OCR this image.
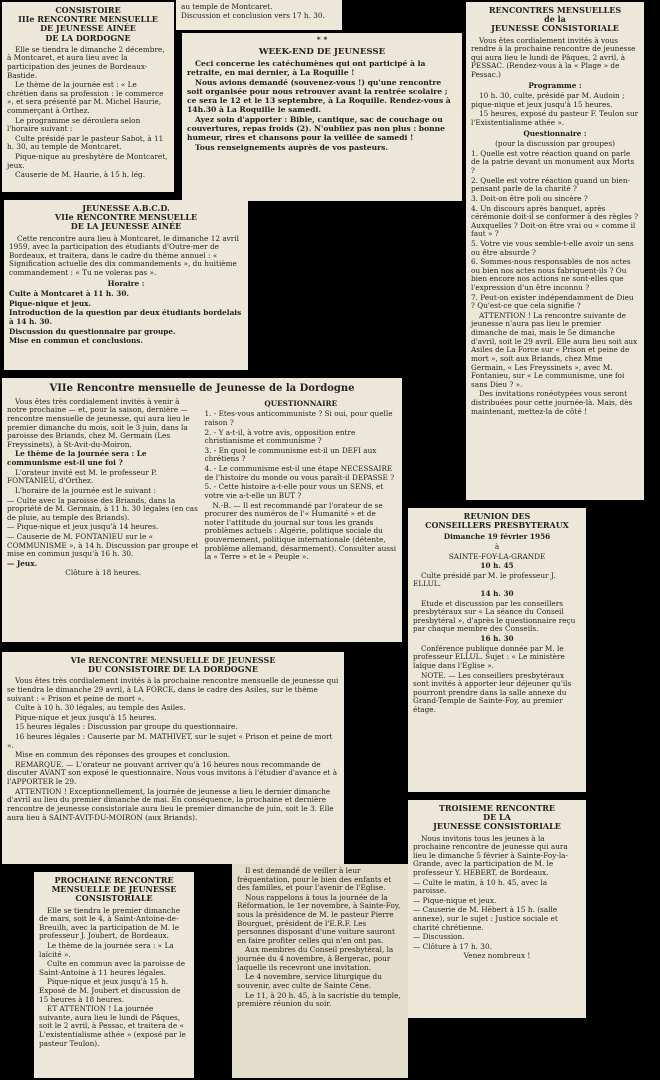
CONSISTOIRE
IIIe RENCONTRE MENSUELLE
DE JEUNESSE AINÉE
DE LA DORDOGNE

Elle se tiendra le dimanche 2 décembre, à Montcaret, et aura lieu avec la participation des jeunes de Bordeaux-Bastide.

Le thème de la journée est : « Le chrétien dans sa profession : le commerce », et sera présenté par M. Michel Haurie, commerçant à Orthez.

Le programme se déroulera selon l'horaire suivant :

Culte présidé par le pasteur Sabot, à 11 h. 30, au temple de Montcaret.

Pique-nique au presbytère de Montcaret, jeux.

Causerie de M. Haurie, à 15 h. lég.

au temple de Montcaret.
Discussion et conclusion vers 17 h. 30.

* *
WEEK-END DE JEUNESSE

Ceci concerne les catéchumènes qui ont participé à la retraite, en mai dernier, à La Roquille !

Nous avions demandé (souvenez-vous !) qu'une rencontre soit organisée pour nous retrouver avant la rentrée scolaire ; ce sera le 12 et le 13 septembre, à La Roquille. Rendez-vous à 14h.30 à La Roquille le samedi.

Ayez soin d'apporter : Bible, cantique, sac de couchage ou couvertures, repas froids (2). N'oubliez pas non plus : bonne humeur, rires et chansons pour la veillée de samedi !

Tous renseignements auprès de vos pasteurs.

RENCONTRES MENSUELLES
de la
JEUNESSE CONSISTORIALE

Vous êtes cordialement invités à vous rendre à la prochaine rencontre de jeunesse qui aura lieu le lundi de Pâques, 2 avril, à PESSAC. (Rendez-vous à la « Plage » de Pessac.)

Programme :

10 h. 30, culte, présidé par M. Audoin ; pique-nique et jeux jusqu'à 15 heures.

15 heures, exposé du pasteur F. Teulon sur l'Existentialisme athée ».

Questionnaire :

(pour la discussion par groupes)

1. Quelle est votre réaction quand on parle de la patrie devant un monument aux Morts ?

2. Quelle est votre réaction quand un bien-pensant parle de la charité ?

3. Doit-on être poli ou sincère ?

4. Un discours après banquet, après cérémonie doit-il se conformer à des règles ? Auxquelles ? Doit-on être vrai ou « comme il faut » ?

5. Votre vie vous semble-t-elle avoir un sens ou être absurde ?

6. Sommes-nous responsables de nos actes ou bien nos actes nous fabriquent-ils ? Ou bien encore nos actions ne sont-elles que l'expression d'un être inconnu ?

7. Peut-on exister indépendamment de Dieu ? Qu'est-ce que cela signifie ?

ATTENTION ! La rencontre suivante de jeunesse n'aura pas lieu le premier dimanche de mai, mais le 5e dimanche d'avril, soit le 29 avril. Elle aura lieu soit aux Asiles de La Force sur « Prison et peine de mort », soit aux Briands, chez Mme Germain, « Les Freyssinets », avec M. Fontanieu, sur « Le communisme, une foi sans Dieu ? ».

Des invitations ronéotypées vous seront distribuées pour cette journée-là. Mais, dès maintenant, mettez-la de côté !

JEUNESSE A.B.C.D.
VIIe RENCONTRE MENSUELLE
DE LA JEUNESSE AINÉE

Cette rencontre aura lieu à Montcaret, le dimanche 12 avril 1959, avec la participation des étudiants d'Outre-mer de Bordeaux, et traitera, dans le cadre du thème annuel : « Signification actuelle des dix commandements », du huitième commandement : « Tu ne voleras pas ».

Horaire :

Culte à Montcaret à 11 h. 30.

Pique-nique et jeux.

Introduction de la question par deux étudiants bordelais à 14 h. 30.

Discussion du questionnaire par groupe.

Mise en commun et conclusions.

VIIe Rencontre mensuelle de Jeunesse de la Dordogne

Vous êtes très cordialement invités à venir à notre prochaine — et, pour la saison, dernière — rencontre mensuelle de jeunesse, qui aura lieu le premier dimanche du mois, soit le 3 juin, dans la paroisse des Briands, chez M. Germain (Les Freyssinets), à St-Avit-du-Moiron.

Le thème de la journée sera : Le communisme est-il une foi ?

L'orateur invité est M. le professeur P. FONTANIEU, d'Orthez.

L'horaire de la journée est le suivant :

— Culte avec la paroisse des Briands, dans la propriété de M. Germain, à 11 h. 30 légales (en cas de pluie, au temple des Briands).

— Pique-nique et jeux jusqu'à 14 heures.

— Causerie de M. FONTANIEU sur le « COMMUNISME », à 14 h. Discussion par groupe et mise en commun jusqu'à 16 h. 30.

— Jeux.

Clôture à 18 heures.

QUESTIONNAIRE

1. - Etes-vous anticommuniste ? Si oui, pour quelle raison ?

2. - Y a-t-il, à votre avis, opposition entre christianisme et communisme ?

3. - En quoi le communisme est-il un DEFI aux chrétiens ?

4. - Le communisme est-il une étape NECESSAIRE de l'histoire du monde ou vous paraît-il DEPASSE ?

5. - Cette histoire a-t-elle pour vous un SENS, et votre vie a-t-elle un BUT ?

N.-B. — Il est recommandé par l'orateur de se procurer des numéros de l'« Humanité » et de noter l'attitude du journal sur tous les grands problèmes actuels : Algérie, politique sociale du gouvernement, politique internationale (détente, problème allemand, désarmement). Consulter aussi la « Terre » et le « Peuple ».

VIe RENCONTRE MENSUELLE DE JEUNESSE
DU CONSISTOIRE DE LA DORDOGNE

Vous êtes très cordialement invités à la prochaine rencontre mensuelle de jeunesse qui se tiendra le dimanche 29 avril, à LA FORCE, dans le cadre des Asiles, sur le thème suivant : « Prison et peine de mort ».

Culte à 10 h. 30 légales, au temple des Asiles.

Pique-nique et jeux jusqu'à 15 heures.

15 heures légales : Discussion par groupe du questionnaire.

16 heures légales : Causerie par M. MATHIVET, sur le sujet « Prison et peine de mort ».

Mise en commun des réponses des groupes et conclusion.

REMARQUE. — L'orateur ne pouvant arriver qu'à 16 heures nous recommande de discuter AVANT son exposé le questionnaire. Nous vous invitons à l'étudier d'avance et à l'APPORTER le 29.

ATTENTION ! Exceptionnellement, la journée de jeunesse a lieu le dernier dimanche d'avril au lieu du premier dimanche de mai. En conséquence, la prochaine et dernière rencontre de jeunesse consistoriale aura lieu le premier dimanche de juin, soit le 3. Elle aura lieu à SAINT-AVIT-DU-MOIRON (aux Briands).

REUNION DES
CONSEILLERS PRESBYTERAUX

Dimanche 19 février 1956

à

SAINTE-FOY-LA-GRANDE

10 h. 45

Culte présidé par M. le professeur J. ELLUL.

14 h. 30

Etude et discussion par les conseillers presbytéraux sur « La séance du Conseil presbytéral », d'après le questionnaire reçu par chaque membre des Conseils.

16 h. 30

Conférence publique donnée par M. le professeur ELLUL. Sujet : « Le ministère laïque dans l'Eglise ».

NOTE. — Les conseillers presbytéraux sont invités à apporter leur déjeuner qu'ils pourront prendre dans la salle annexe du Grand-Temple de Sainte-Foy, au premier étage.

TROISIEME RENCONTRE
DE LA
JEUNESSE CONSISTORIALE

Nous invitons tous les jeunes à la prochaine rencontre de jeunesse qui aura lieu le dimanche 5 février à Sainte-Foy-la-Grande, avec la participation de M. le professeur Y. HEBERT, de Bordeaux.

— Culte le matin, à 10 h. 45, avec la paroisse.

— Pique-nique et jeux.

— Causerie de M. Hébert à 15 h. (salle annexe), sur le sujet : Justice sociale et charité chrétienne.

— Discussion.

— Clôture à 17 h. 30.

Venez nombreux !

PROCHAINE RENCONTRE
MENSUELLE DE JEUNESSE
CONSISTORIALE

Elle se tiendra le premier dimanche de mars, soit le 4, à Saint-Antoine-de-Breuilh, avec la participation de M. le professeur J. Joubert, de Bordeaux.

Le thème de la journée sera : « La laïcité ».

Culte en commun avec la paroisse de Saint-Antoine à 11 heures légales.

Pique-nique et jeux jusqu'à 15 h. Exposé de M. Joubert et discussion de 15 heures à 18 heures.

ET ATTENTION ! La journée suivante, aura lieu le lundi de Pâques, soit le 2 avril, à Pessac, et traitera de « L'existentialisme athée » (exposé par le pasteur Teulon).

Il est demandé de veiller à leur fréquentation, pour le bien des enfants et des familles, et pour l'avenir de l'Eglise.

Nous rappelons à tous la journée de la Réformation, le 1er novembre, à Sainte-Foy, sous la présidence de M. le pasteur Pierre Bourguet, président de l'E.R.F. Les personnes disposant d'une voiture sauront en faire profiter celles qui n'en ont pas.

Aux membres du Conseil presbytéral, la journée du 4 novembre, à Bergerac, pour laquelle ils recevront une invitation.

Le 4 novembre, service liturgique du souvenir, avec culte de Sainte Cène.

Le 11, à 20 h. 45, à la sacristie du temple, première réunion du soir.
